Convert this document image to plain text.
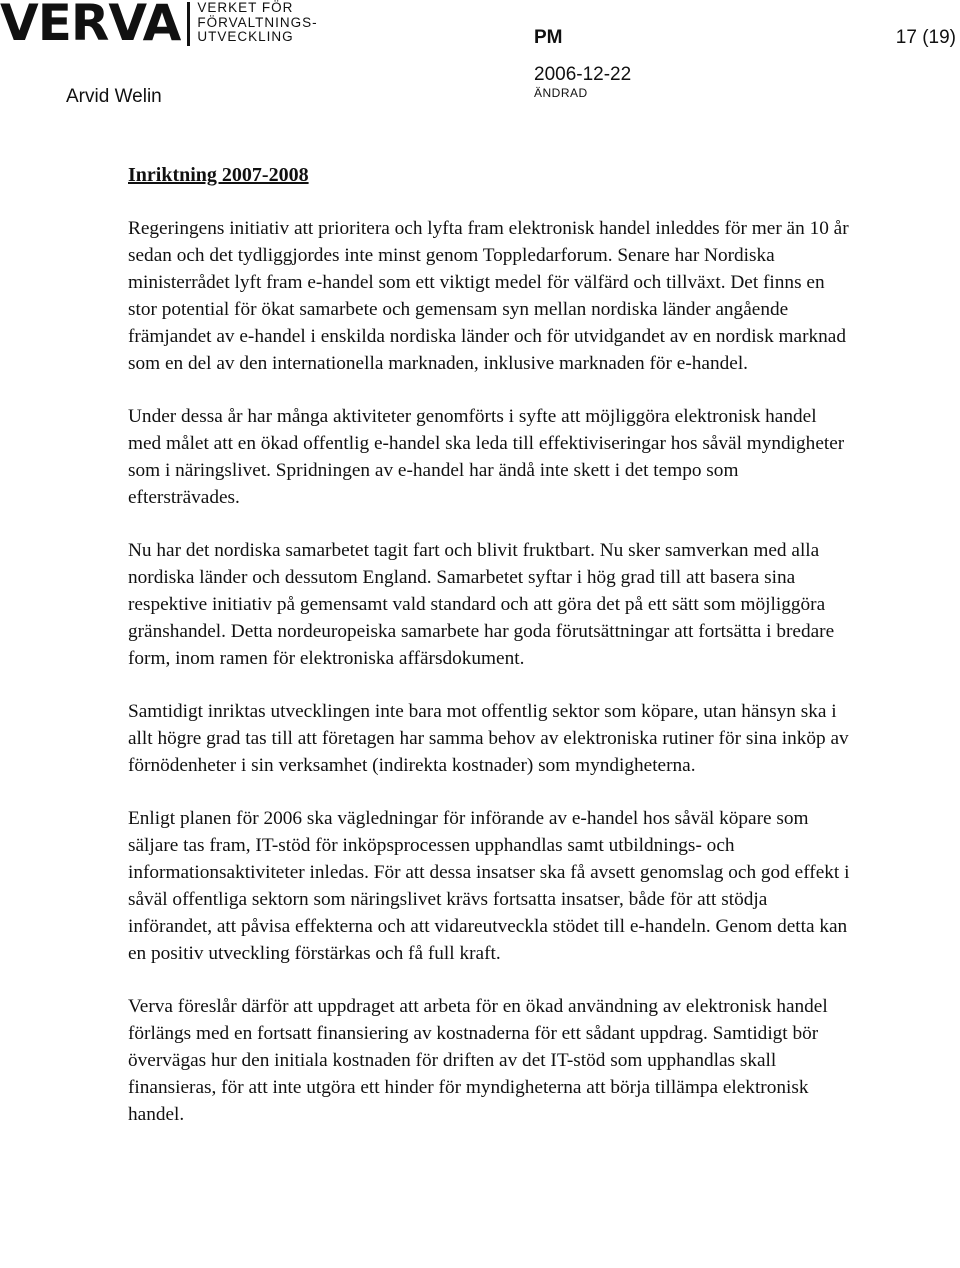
VERVA VERKET FÖR
FÖRVALTNINGS-
UTVECKLING	PM	17 (19)
Arvid Welin
2006-12-22
ÄNDRAD
Inriktning 2007-2008

Regeringens initiativ att prioritera och lyfta fram elektronisk handel inleddes för mer än 10 år sedan och det tydliggjordes inte minst genom Toppledarforum. Senare har Nordiska ministerrådet lyft fram e-handel som ett viktigt medel för välfärd och tillväxt. Det finns en stor potential för ökat samarbete och gemensam syn mellan nordiska länder angående främjandet av e-handel i enskilda nordiska länder och för utvidgandet av en nordisk marknad som en del av den internationella marknaden, inklusive marknaden för e-handel.

Under dessa år har många aktiviteter genomförts i syfte att möjliggöra elektronisk handel med målet att en ökad offentlig e-handel ska leda till effektiviseringar hos såväl myndigheter som i näringslivet. Spridningen av e-handel har ändå inte skett i det tempo som eftersträvades.

Nu har det nordiska samarbetet tagit fart och blivit fruktbart. Nu sker samverkan med alla nordiska länder och dessutom England. Samarbetet syftar i hög grad till att basera sina respektive initiativ på gemensamt vald standard och att göra det på ett sätt som möjliggöra gränshandel. Detta nordeuropeiska samarbete har goda förutsättningar att fortsätta i bredare form, inom ramen för elektroniska affärsdokument.

Samtidigt inriktas utvecklingen inte bara mot offentlig sektor som köpare, utan hänsyn ska i allt högre grad tas till att företagen har samma behov av elektroniska rutiner för sina inköp av förnödenheter i sin verksamhet (indirekta kostnader) som myndigheterna.

Enligt planen för 2006 ska vägledningar för införande av e-handel hos såväl köpare som säljare tas fram, IT-stöd för inköpsprocessen upphandlas samt utbildnings- och informationsaktiviteter inledas. För att dessa insatser ska få avsett genomslag och god effekt i såväl offentliga sektorn som näringslivet krävs fortsatta insatser, både för att stödja införandet, att påvisa effekterna och att vidareutveckla stödet till e-handeln. Genom detta kan en positiv utveckling förstärkas och få full kraft.

Verva föreslår därför att uppdraget att arbeta för en ökad användning av elektronisk handel förlängs med en fortsatt finansiering av kostnaderna för ett sådant uppdrag. Samtidigt bör övervägas hur den initiala kostnaden för driften av det IT-stöd som upphandlas skall finansieras, för att inte utgöra ett hinder för myndigheterna att börja tillämpa elektronisk handel.
